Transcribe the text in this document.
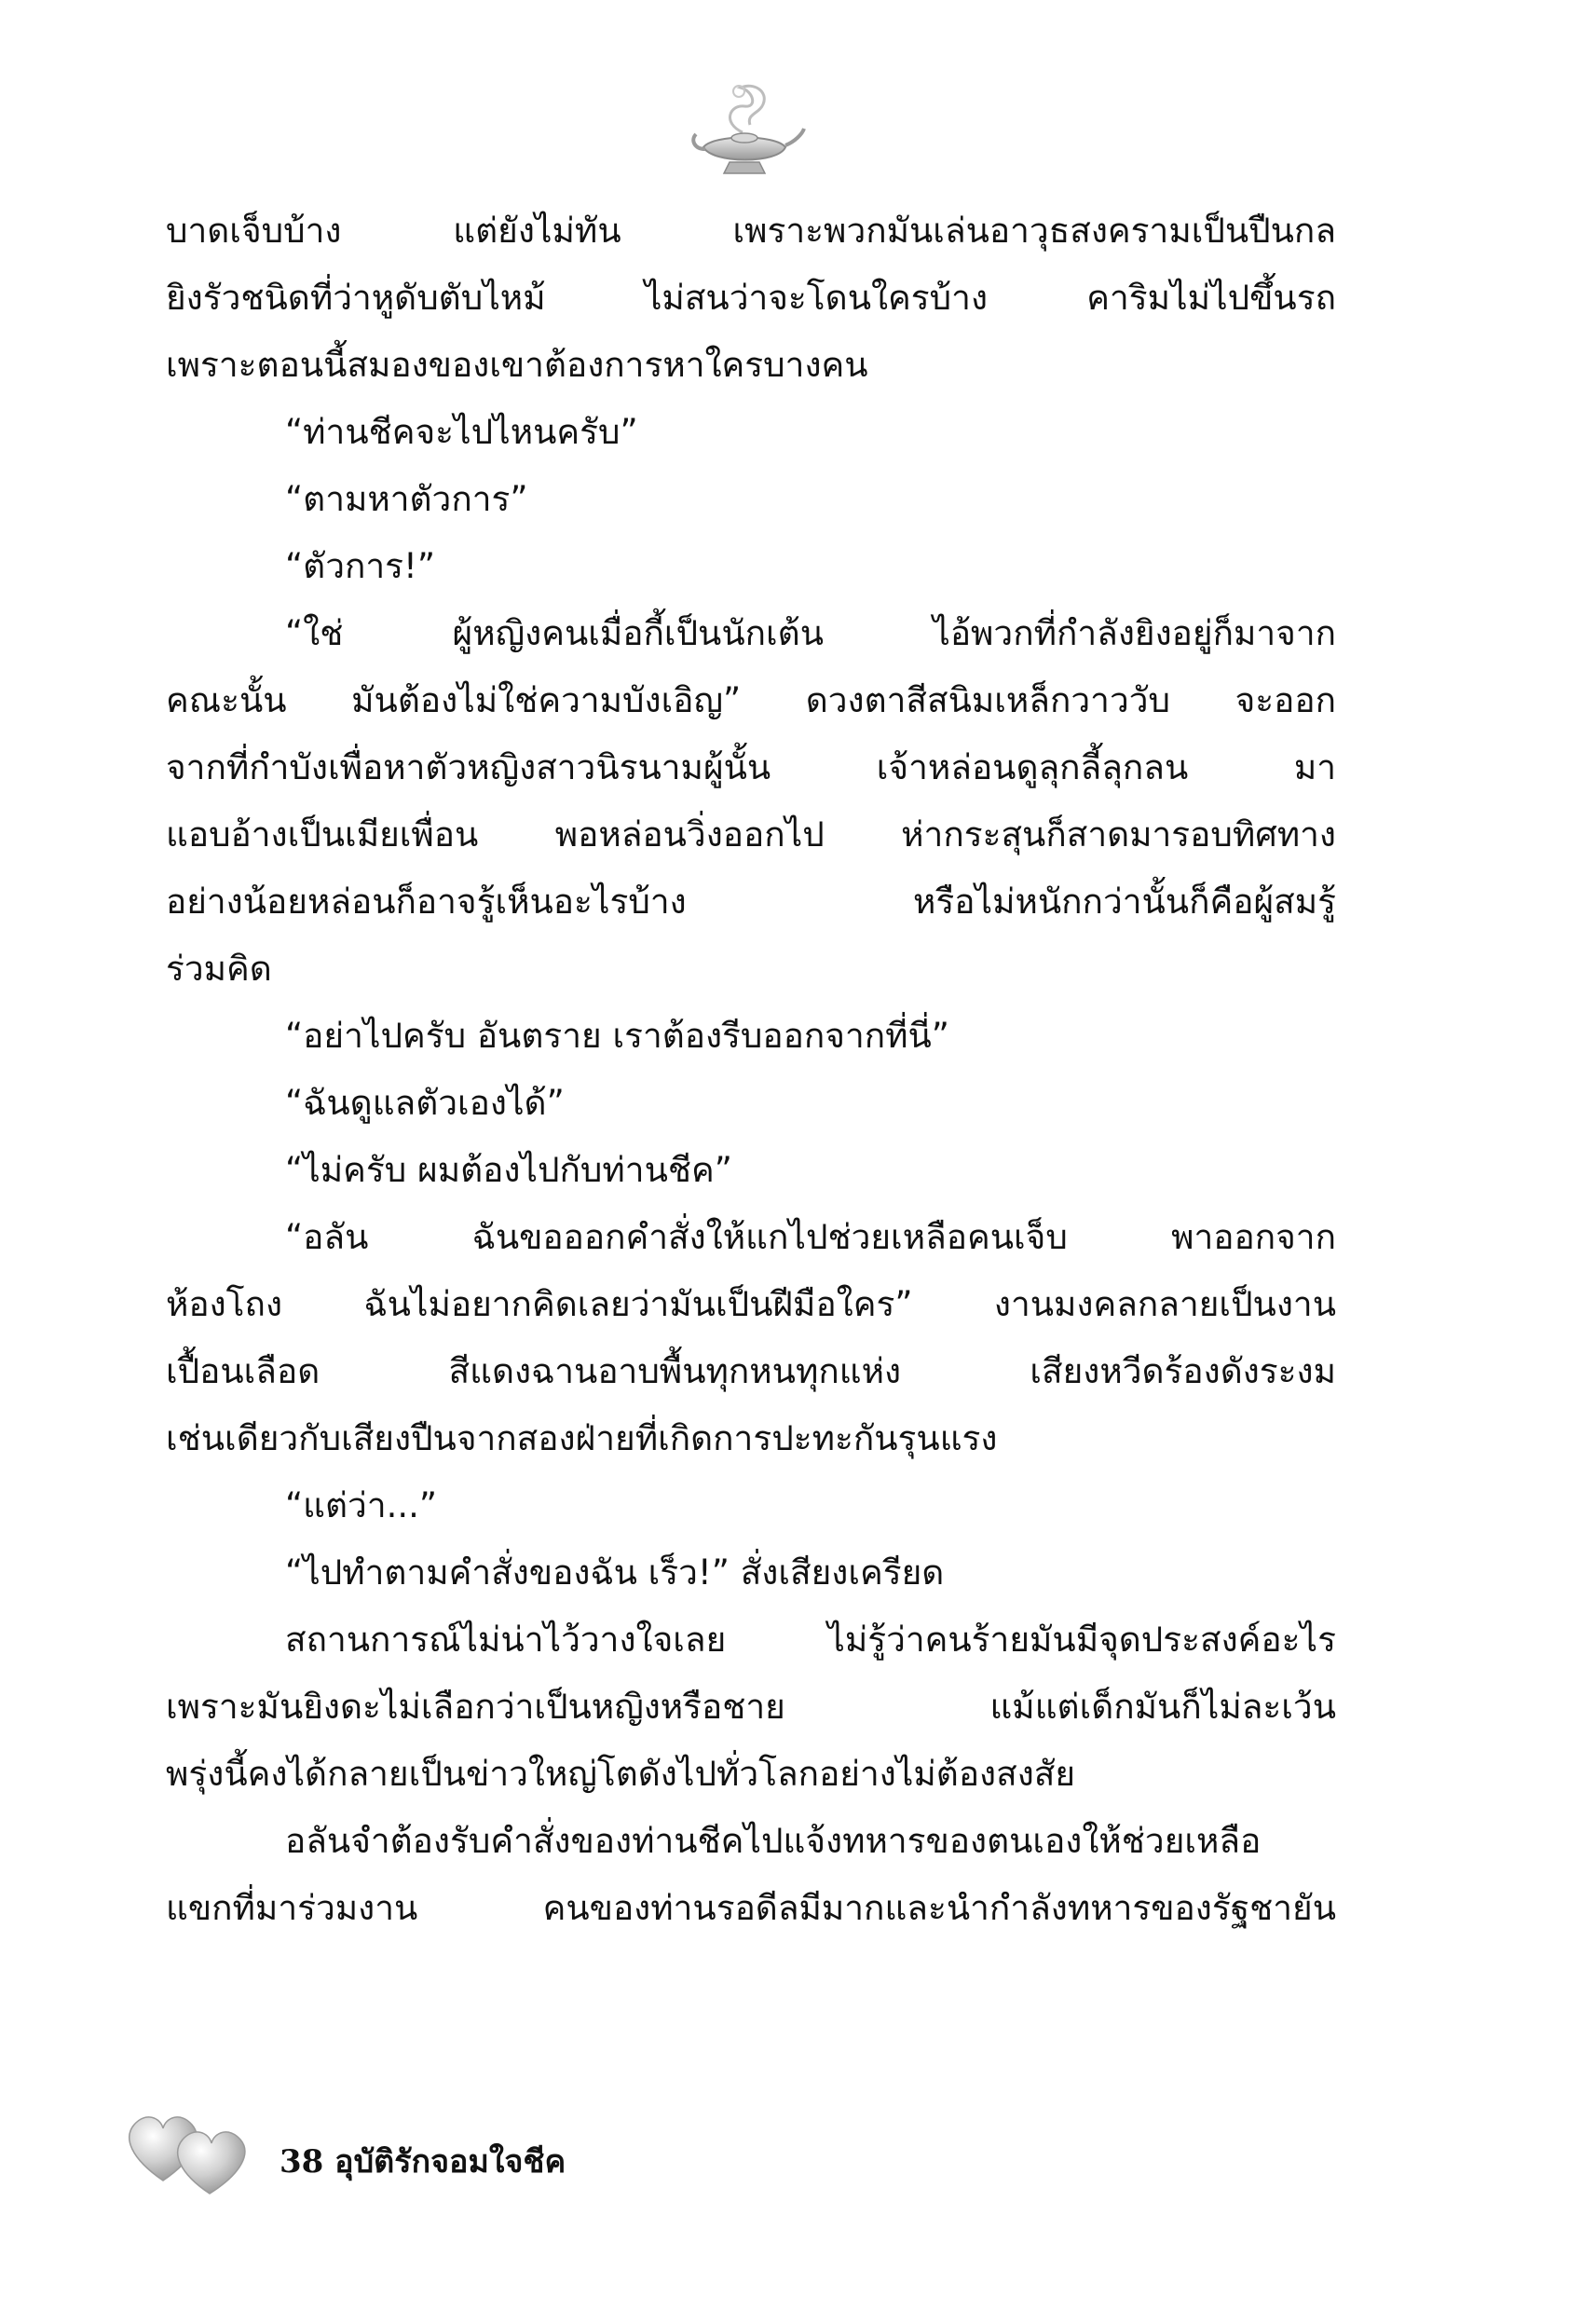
บาดเจ็บบ้าง แต่ยังไม่ทัน เพราะพวกมันเล่นอาวุธสงครามเป็นปืนกล
ยิงรัวชนิดที่ว่าหูดับตับไหม้ ไม่สนว่าจะโดนใครบ้าง คาริมไม่ไปขึ้นรถ
เพราะตอนนี้สมองของเขาต้องการหาใครบางคน
“ท่านชีคจะไปไหนครับ”
“ตามหาตัวการ”
“ตัวการ!”
“ใช่ ผู้หญิงคนเมื่อกี้เป็นนักเต้น ไอ้พวกที่กำลังยิงอยู่ก็มาจาก
คณะนั้น มันต้องไม่ใช่ความบังเอิญ” ดวงตาสีสนิมเหล็กวาววับ จะออก
จากที่กำบังเพื่อหาตัวหญิงสาวนิรนามผู้นั้น เจ้าหล่อนดูลุกลี้ลุกลน มา
แอบอ้างเป็นเมียเพื่อน พอหล่อนวิ่งออกไป ห่ากระสุนก็สาดมารอบทิศทาง
อย่างน้อยหล่อนก็อาจรู้เห็นอะไรบ้าง หรือไม่หนักกว่านั้นก็คือผู้สมรู้
ร่วมคิด
“อย่าไปครับ อันตราย เราต้องรีบออกจากที่นี่”
“ฉันดูแลตัวเองได้”
“ไม่ครับ ผมต้องไปกับท่านชีค”
“อลัน ฉันขอออกคำสั่งให้แกไปช่วยเหลือคนเจ็บ พาออกจาก
ห้องโถง ฉันไม่อยากคิดเลยว่ามันเป็นฝีมือใคร” งานมงคลกลายเป็นงาน
เปื้อนเลือด สีแดงฉานอาบพื้นทุกหนทุกแห่ง เสียงหวีดร้องดังระงม
เช่นเดียวกับเสียงปืนจากสองฝ่ายที่เกิดการปะทะกันรุนแรง
“แต่ว่า...”
“ไปทำตามคำสั่งของฉัน เร็ว!” สั่งเสียงเครียด
สถานการณ์ไม่น่าไว้วางใจเลย ไม่รู้ว่าคนร้ายมันมีจุดประสงค์อะไร
เพราะมันยิงดะไม่เลือกว่าเป็นหญิงหรือชาย แม้แต่เด็กมันก็ไม่ละเว้น
พรุ่งนี้คงได้กลายเป็นข่าวใหญ่โตดังไปทั่วโลกอย่างไม่ต้องสงสัย
อลันจำต้องรับคำสั่งของท่านชีคไปแจ้งทหารของตนเองให้ช่วยเหลือ
แขกที่มาร่วมงาน คนของท่านรอดีลมีมากและนำกำลังทหารของรัฐชายัน
38 อุบัติรักจอมใจชีค
